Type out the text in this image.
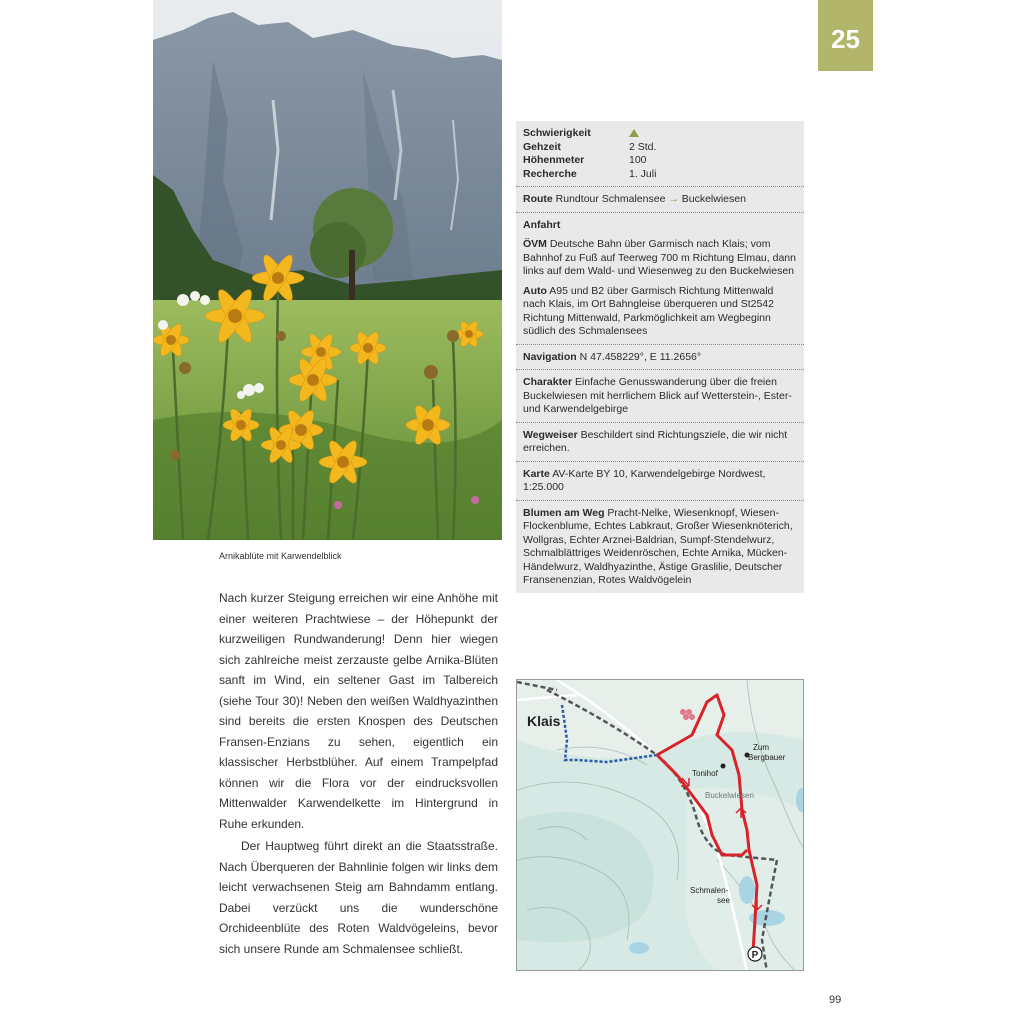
Arnikablüte mit Karwendelblick
25
Schwierigkeit
Gehzeit	2 Std.
Höhenmeter	100
Recherche	1. Juli
Route Rundtour Schmalensee → Buckelwiesen
Anfahrt
ÖVM Deutsche Bahn über Garmisch nach Klais; vom Bahnhof zu Fuß auf Teerweg 700 m Richtung Elmau, dann links auf dem Wald- und Wiesenweg zu den Buckelwiesen
Auto A95 und B2 über Garmisch Richtung Mittenwald nach Klais, im Ort Bahngleise überqueren und St2542 Richtung Mittenwald, Parkmöglichkeit am Wegbeginn südlich des Schmalensees
Navigation N 47.458229°, E 11.2656°
Charakter Einfache Genusswanderung über die freien Buckelwiesen mit herrlichem Blick auf Wetterstein-, Ester- und Karwendelgebirge
Wegweiser Beschildert sind Richtungsziele, die wir nicht erreichen.
Karte AV-Karte BY 10, Karwendelgebirge Nordwest, 1:25.000
Blumen am Weg Pracht-Nelke, Wiesenknopf, Wiesen-Flockenblume, Echtes Labkraut, Großer Wiesenknöterich, Wollgras, Echter Arznei-Baldrian, Sumpf-Stendelwurz, Schmalblättriges Weidenröschen, Echte Arnika, Mücken-Händelwurz, Waldhyazinthe, Ästige Graslilie, Deutscher Fransenenzian, Rotes Waldvögelein

Nach kurzer Steigung erreichen wir eine Anhöhe mit einer weiteren Prachtwiese – der Höhepunkt der kurzweiligen Rundwanderung! Denn hier wiegen sich zahlreiche meist zerzauste gelbe Arnika-Blüten sanft im Wind, ein seltener Gast im Talbereich (siehe Tour 30)! Neben den weißen Waldhyazinthen sind bereits die ersten Knospen des Deutschen Fransen-Enzians zu sehen, eigentlich ein klassischer Herbstblüher. Auf einem Trampelpfad können wir die Flora vor der eindrucksvollen Mittenwalder Karwendelkette im Hintergrund in Ruhe erkunden.

Der Hauptweg führt direkt an die Staatsstraße. Nach Überqueren der Bahnlinie folgen wir links dem leicht verwachsenen Steig am Bahndamm entlang. Dabei verzückt uns die wunderschöne Orchideenblüte des Roten Waldvögeleins, bevor sich unsere Runde am Schmalensee schließt.	P
Klais
Tonihof
Zum
Bergbauer
Buckelwiesen
Schmalen-
see
99
